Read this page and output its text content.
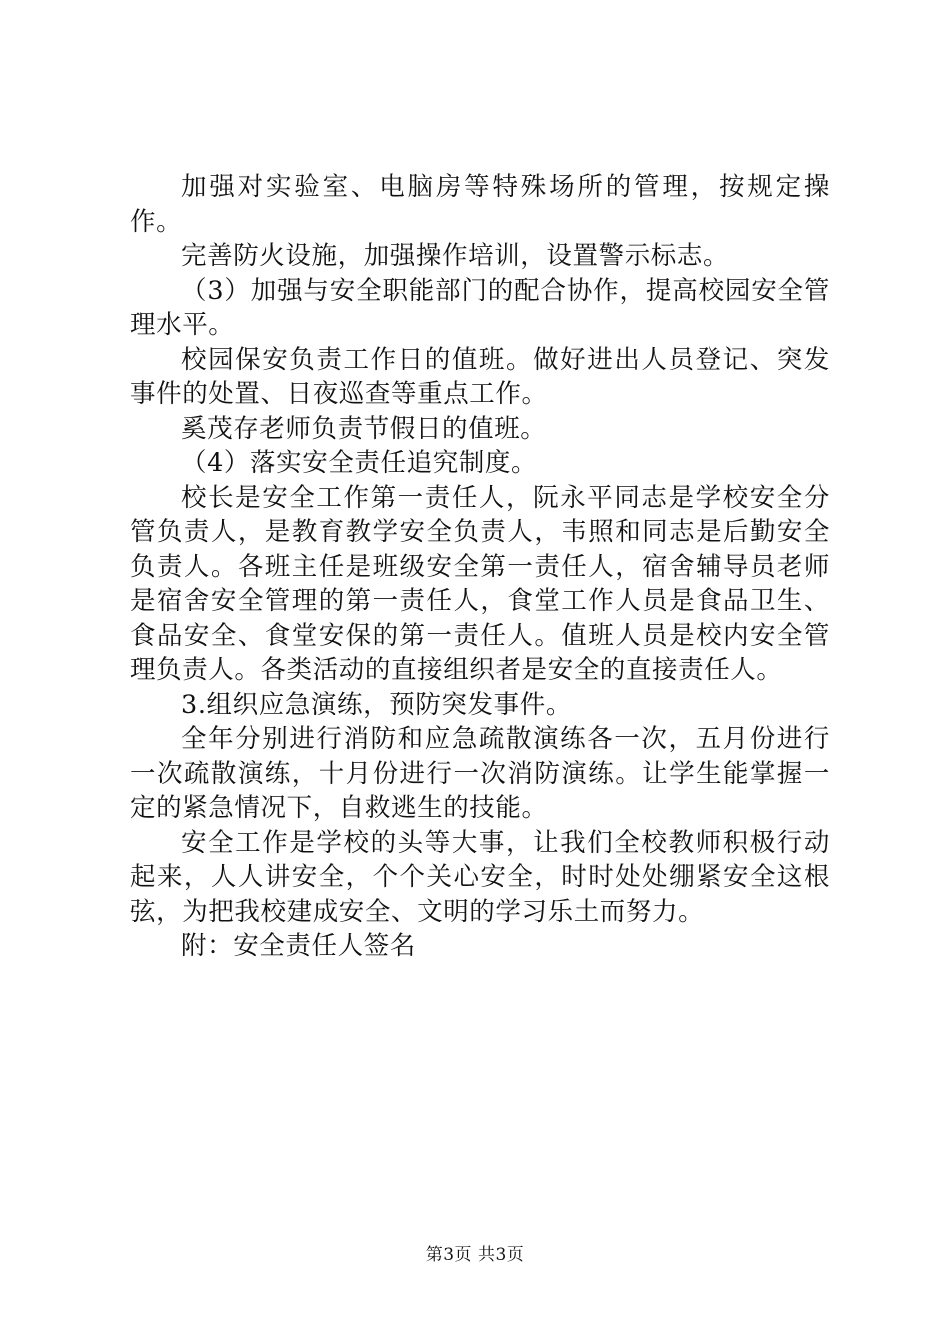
加强对实验室、电脑房等特殊场所的管理，按规定操作。

完善防火设施，加强操作培训，设置警示标志。

（3）加强与安全职能部门的配合协作，提高校园安全管理水平。

校园保安负责工作日的值班。做好进出人员登记、突发事件的处置、日夜巡查等重点工作。

奚茂存老师负责节假日的值班。

（4）落实安全责任追究制度。

校长是安全工作第一责任人，阮永平同志是学校安全分管负责人，是教育教学安全负责人，韦照和同志是后勤安全负责人。各班主任是班级安全第一责任人，宿舍辅导员老师是宿舍安全管理的第一责任人，食堂工作人员是食品卫生、食品安全、食堂安保的第一责任人。值班人员是校内安全管理负责人。各类活动的直接组织者是安全的直接责任人。

3.组织应急演练，预防突发事件。

全年分别进行消防和应急疏散演练各一次，五月份进行一次疏散演练，十月份进行一次消防演练。让学生能掌握一定的紧急情况下，自救逃生的技能。

安全工作是学校的头等大事，让我们全校教师积极行动起来，人人讲安全，个个关心安全，时时处处绷紧安全这根弦，为把我校建成安全、文明的学习乐土而努力。

附：安全责任人签名

第3页 共3页
